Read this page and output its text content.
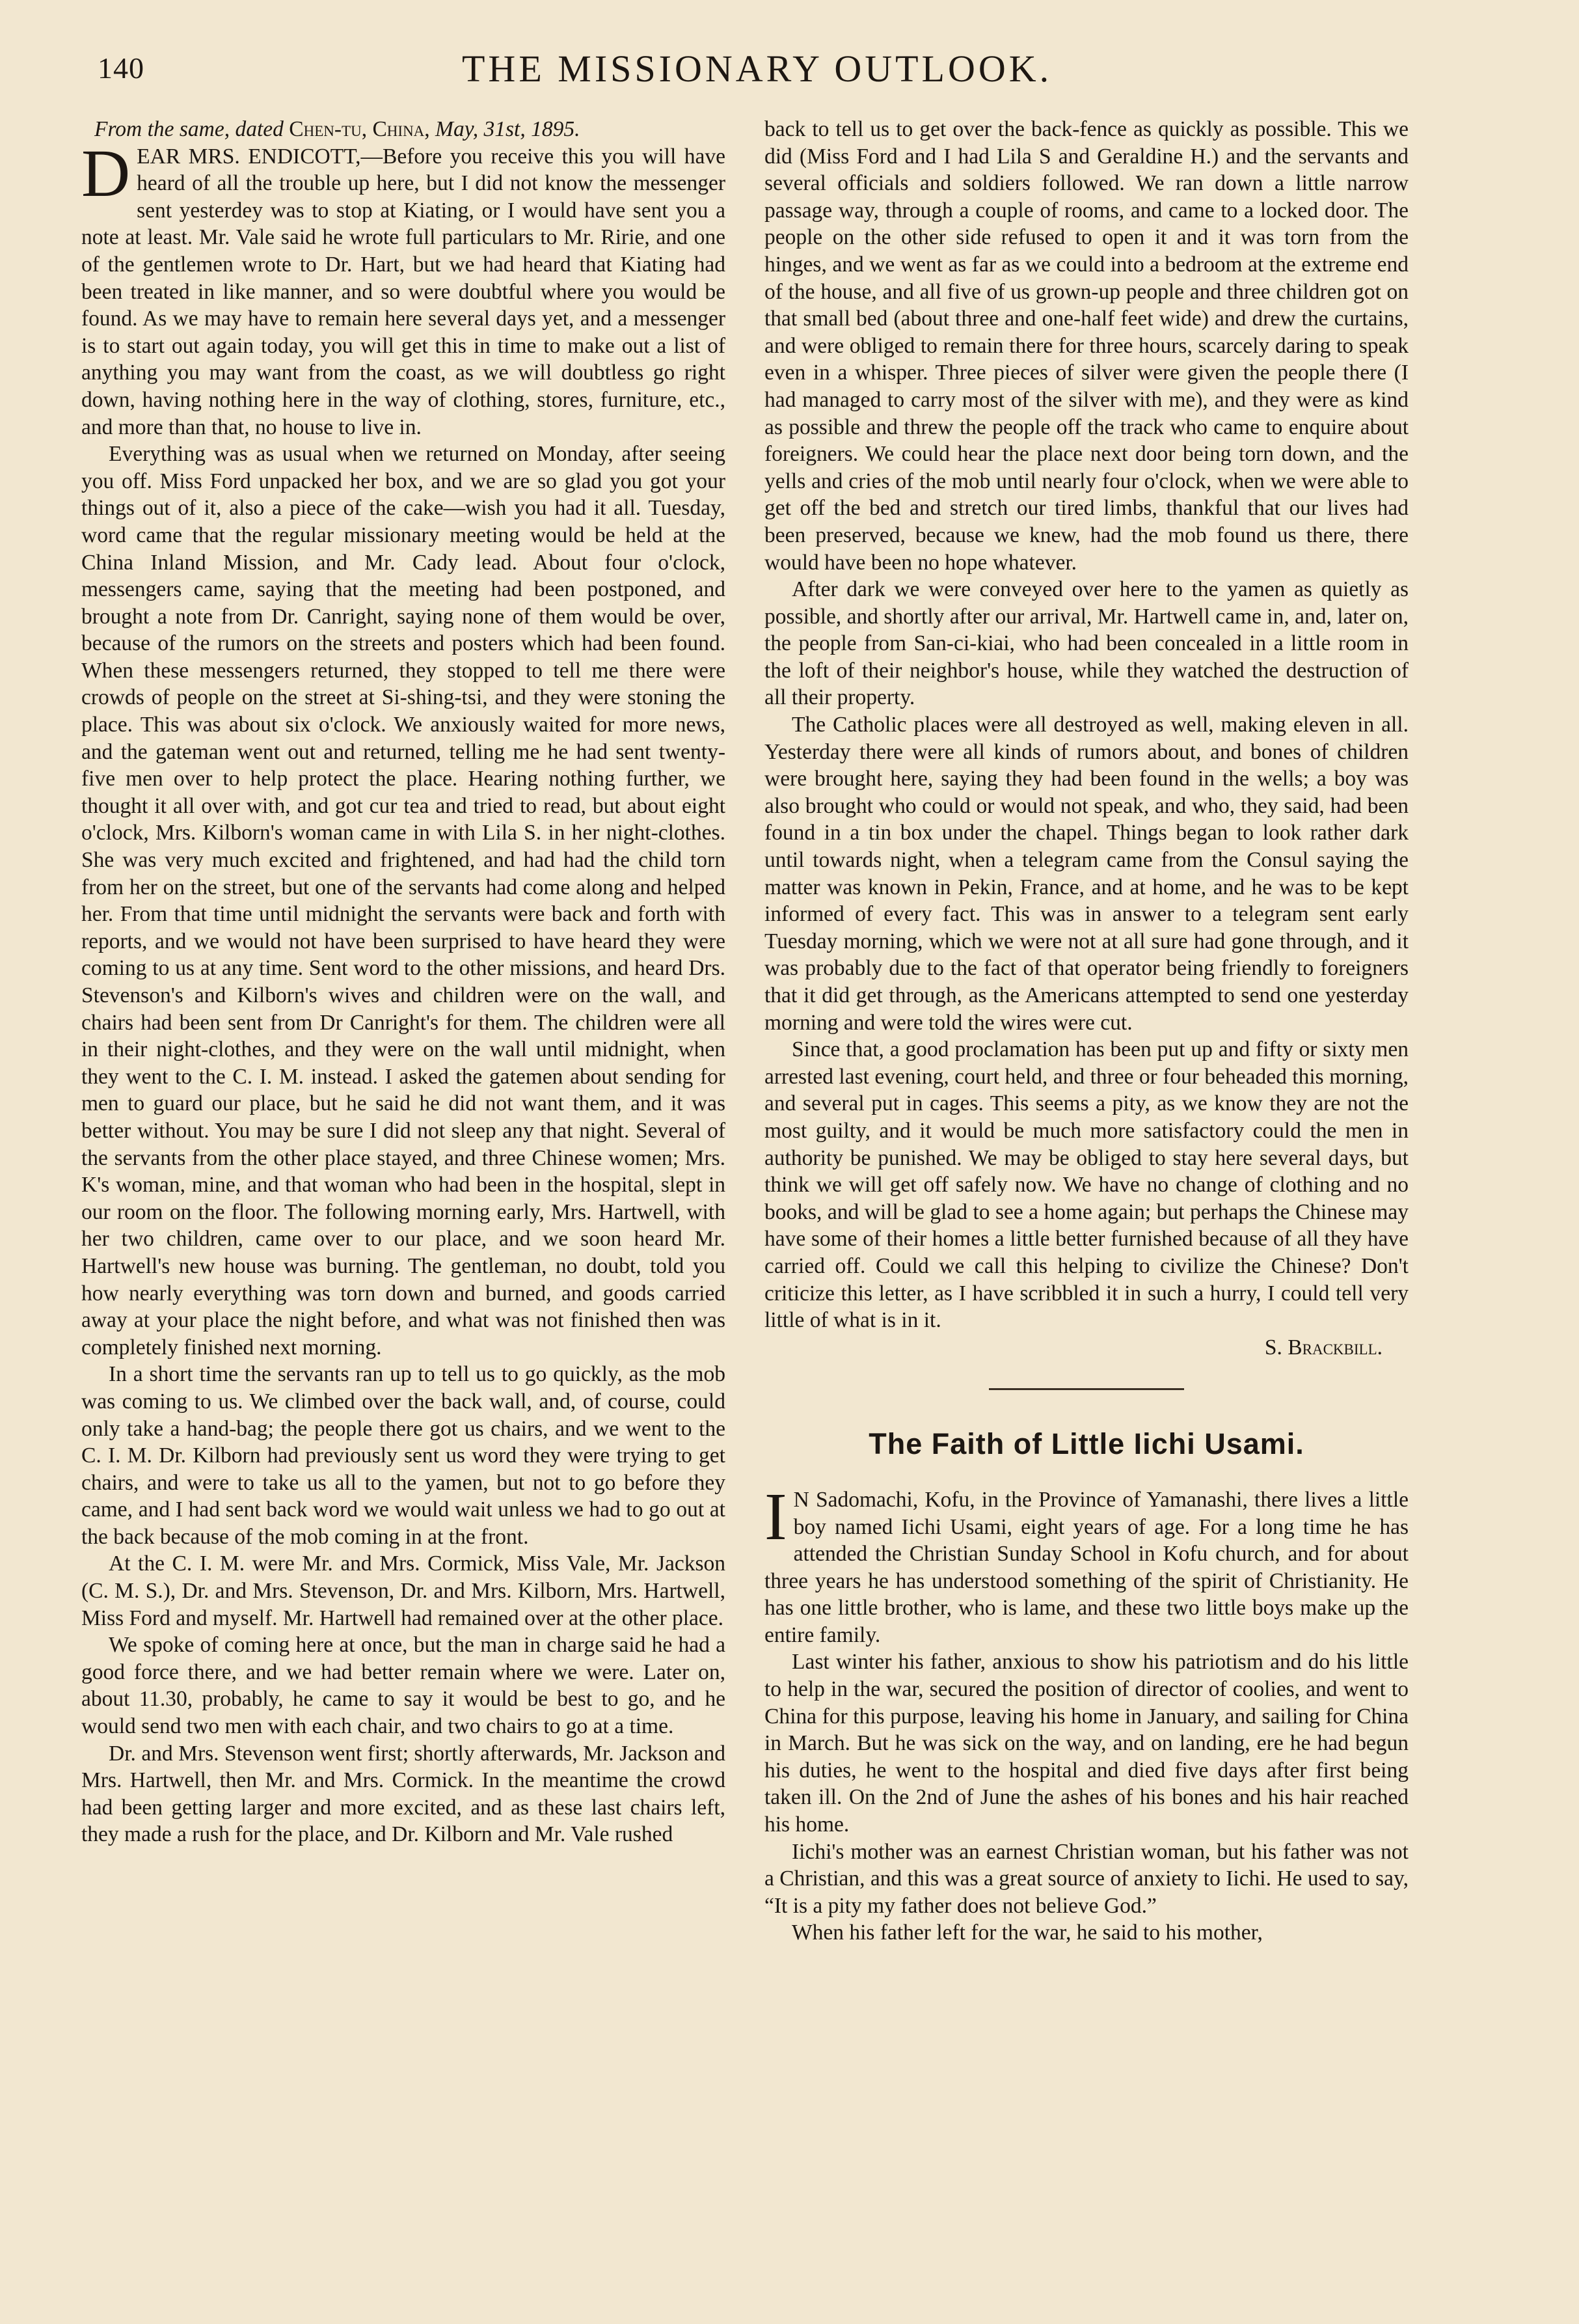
140	THE MISSIONARY OUTLOOK.

From the same, dated Chen-tu, China, May, 31st, 1895.

DEAR MRS. ENDICOTT,—Before you receive this you will have heard of all the trouble up here, but I did not know the messenger sent yesterdey was to stop at Kiating, or I would have sent you a note at least. Mr. Vale said he wrote full particulars to Mr. Ririe, and one of the gentlemen wrote to Dr. Hart, but we had heard that Kiating had been treated in like manner, and so were doubtful where you would be found. As we may have to remain here several days yet, and a messenger is to start out again today, you will get this in time to make out a list of anything you may want from the coast, as we will doubtless go right down, having nothing here in the way of clothing, stores, furniture, etc., and more than that, no house to live in.

Everything was as usual when we returned on Monday, after seeing you off. Miss Ford unpacked her box, and we are so glad you got your things out of it, also a piece of the cake—wish you had it all. Tuesday, word came that the regular missionary meeting would be held at the China Inland Mission, and Mr. Cady lead. About four o'clock, messengers came, saying that the meeting had been postponed, and brought a note from Dr. Canright, saying none of them would be over, because of the rumors on the streets and posters which had been found. When these messengers returned, they stopped to tell me there were crowds of people on the street at Si-shing-tsi, and they were stoning the place. This was about six o'clock. We anxiously waited for more news, and the gateman went out and returned, telling me he had sent twenty-five men over to help protect the place. Hearing nothing further, we thought it all over with, and got cur tea and tried to read, but about eight o'clock, Mrs. Kilborn's woman came in with Lila S. in her night-clothes. She was very much excited and frightened, and had had the child torn from her on the street, but one of the servants had come along and helped her. From that time until midnight the servants were back and forth with reports, and we would not have been surprised to have heard they were coming to us at any time. Sent word to the other missions, and heard Drs. Stevenson's and Kilborn's wives and children were on the wall, and chairs had been sent from Dr Canright's for them. The children were all in their night-clothes, and they were on the wall until midnight, when they went to the C. I. M. instead. I asked the gatemen about sending for men to guard our place, but he said he did not want them, and it was better without. You may be sure I did not sleep any that night. Several of the servants from the other place stayed, and three Chinese women; Mrs. K's woman, mine, and that woman who had been in the hospital, slept in our room on the floor. The following morning early, Mrs. Hartwell, with her two children, came over to our place, and we soon heard Mr. Hartwell's new house was burning. The gentleman, no doubt, told you how nearly everything was torn down and burned, and goods carried away at your place the night before, and what was not finished then was completely finished next morning.

In a short time the servants ran up to tell us to go quickly, as the mob was coming to us. We climbed over the back wall, and, of course, could only take a hand-bag; the people there got us chairs, and we went to the C. I. M. Dr. Kilborn had previously sent us word they were trying to get chairs, and were to take us all to the yamen, but not to go before they came, and I had sent back word we would wait unless we had to go out at the back because of the mob coming in at the front.

At the C. I. M. were Mr. and Mrs. Cormick, Miss Vale, Mr. Jackson (C. M. S.), Dr. and Mrs. Stevenson, Dr. and Mrs. Kilborn, Mrs. Hartwell, Miss Ford and myself. Mr. Hartwell had remained over at the other place.

We spoke of coming here at once, but the man in charge said he had a good force there, and we had better remain where we were. Later on, about 11.30, probably, he came to say it would be best to go, and he would send two men with each chair, and two chairs to go at a time.

Dr. and Mrs. Stevenson went first; shortly afterwards, Mr. Jackson and Mrs. Hartwell, then Mr. and Mrs. Cormick. In the meantime the crowd had been getting larger and more excited, and as these last chairs left, they made a rush for the place, and Dr. Kilborn and Mr. Vale rushed

back to tell us to get over the back-fence as quickly as possible. This we did (Miss Ford and I had Lila S and Geraldine H.) and the servants and several officials and soldiers followed. We ran down a little narrow passage way, through a couple of rooms, and came to a locked door. The people on the other side refused to open it and it was torn from the hinges, and we went as far as we could into a bedroom at the extreme end of the house, and all five of us grown-up people and three children got on that small bed (about three and one-half feet wide) and drew the curtains, and were obliged to remain there for three hours, scarcely daring to speak even in a whisper. Three pieces of silver were given the people there (I had managed to carry most of the silver with me), and they were as kind as possible and threw the people off the track who came to enquire about foreigners. We could hear the place next door being torn down, and the yells and cries of the mob until nearly four o'clock, when we were able to get off the bed and stretch our tired limbs, thankful that our lives had been preserved, because we knew, had the mob found us there, there would have been no hope whatever.

After dark we were conveyed over here to the yamen as quietly as possible, and shortly after our arrival, Mr. Hartwell came in, and, later on, the people from San-ci-kiai, who had been concealed in a little room in the loft of their neighbor's house, while they watched the destruction of all their property.

The Catholic places were all destroyed as well, making eleven in all. Yesterday there were all kinds of rumors about, and bones of children were brought here, saying they had been found in the wells; a boy was also brought who could or would not speak, and who, they said, had been found in a tin box under the chapel. Things began to look rather dark until towards night, when a telegram came from the Consul saying the matter was known in Pekin, France, and at home, and he was to be kept informed of every fact. This was in answer to a telegram sent early Tuesday morning, which we were not at all sure had gone through, and it was probably due to the fact of that operator being friendly to foreigners that it did get through, as the Americans attempted to send one yesterday morning and were told the wires were cut.

Since that, a good proclamation has been put up and fifty or sixty men arrested last evening, court held, and three or four beheaded this morning, and several put in cages. This seems a pity, as we know they are not the most guilty, and it would be much more satisfactory could the men in authority be punished. We may be obliged to stay here several days, but think we will get off safely now. We have no change of clothing and no books, and will be glad to see a home again; but perhaps the Chinese may have some of their homes a little better furnished because of all they have carried off. Could we call this helping to civilize the Chinese? Don't criticize this letter, as I have scribbled it in such a hurry, I could tell very little of what is in it.

S. Brackbill.

The Faith of Little Iichi Usami.

I N Sadomachi, Kofu, in the Province of Yamanashi, there lives a little boy named Iichi Usami, eight years of age. For a long time he has attended the Christian Sunday School in Kofu church, and for about three years he has understood something of the spirit of Christianity. He has one little brother, who is lame, and these two little boys make up the entire family.

Last winter his father, anxious to show his patriotism and do his little to help in the war, secured the position of director of coolies, and went to China for this purpose, leaving his home in January, and sailing for China in March. But he was sick on the way, and on landing, ere he had begun his duties, he went to the hospital and died five days after first being taken ill. On the 2nd of June the ashes of his bones and his hair reached his home.

Iichi's mother was an earnest Christian woman, but his father was not a Christian, and this was a great source of anxiety to Iichi. He used to say, “It is a pity my father does not believe God.”

When his father left for the war, he said to his mother,
